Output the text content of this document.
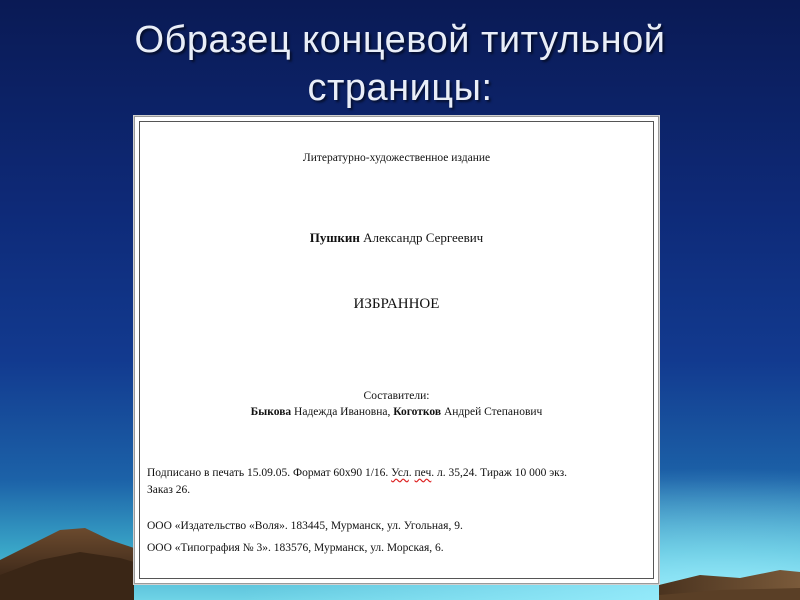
Образец концевой титульной
страницы:
Литературно-художественное издание
Пушкин Александр Сергеевич
ИЗБРАННОЕ
Составители:
Быкова Надежда Ивановна, Коготков Андрей Степанович
Подписано в печать 15.09.05. Формат 60х90 1/16. Усл. печ. л. 35,24. Тираж 10 000 экз.
Заказ 26.
ООО «Издательство «Воля». 183445, Мурманск, ул. Угольная, 9.
ООО «Типография № 3». 183576, Мурманск, ул. Морская, 6.
